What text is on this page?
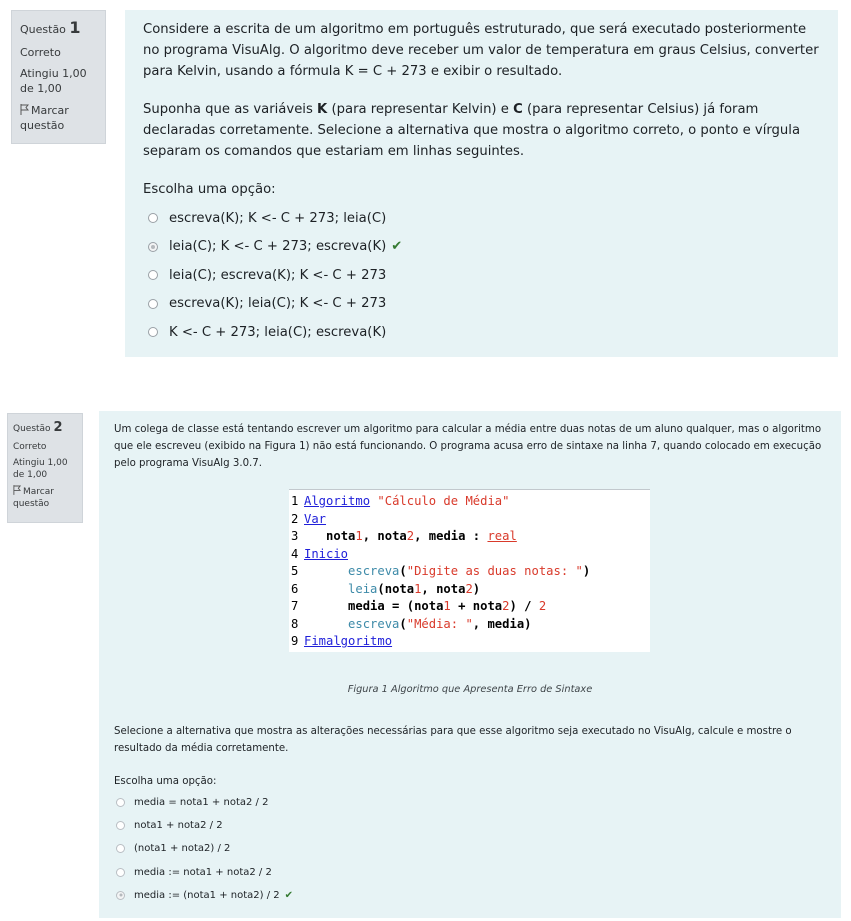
Questão 1
Correto
Atingiu 1,00 de 1,00
Marcar questão

Considere a escrita de um algoritmo em português estruturado, que será executado posteriormente no programa VisuAlg. O algoritmo deve receber um valor de temperatura em graus Celsius, converter para Kelvin, usando a fórmula K = C + 273 e exibir o resultado.

Suponha que as variáveis K (para representar Kelvin) e C (para representar Celsius) já foram declaradas corretamente. Selecione a alternativa que mostra o algoritmo correto, o ponto e vírgula separam os comandos que estariam em linhas seguintes.

Escolha uma opção:
escreva(K); K <- C + 273; leia(C)
leia(C); K <- C + 273; escreva(K) ✔
leia(C); escreva(K); K <- C + 273
escreva(K); leia(C); K <- C + 273
K <- C + 273; leia(C); escreva(K)
Questão 2
Correto
Atingiu 1,00 de 1,00
Marcar questão

Um colega de classe está tentando escrever um algoritmo para calcular a média entre duas notas de um aluno qualquer, mas o algoritmo que ele escreveu (exibido na Figura 1) não está funcionando. O programa acusa erro de sintaxe na linha 7, quando colocado em execução pelo programa VisuAlg 3.0.7.

1 Algoritmo "Cálculo de Média"
2 Var
3 nota1, nota2, media : real
4 Inicio
5	escreva("Digite as duas notas: ")
6	leia(nota1, nota2)
7	media = (nota1 + nota2) / 2
8	escreva("Média: ", media)
9 Fimalgoritmo
Figura 1 Algoritmo que Apresenta Erro de Sintaxe

Selecione a alternativa que mostra as alterações necessárias para que esse algoritmo seja executado no VisuAlg, calcule e mostre o resultado da média corretamente.

Escolha uma opção:
media = nota1 + nota2 / 2
nota1 + nota2 / 2
(nota1 + nota2) / 2
media := nota1 + nota2 / 2
media := (nota1 + nota2) / 2 ✔
